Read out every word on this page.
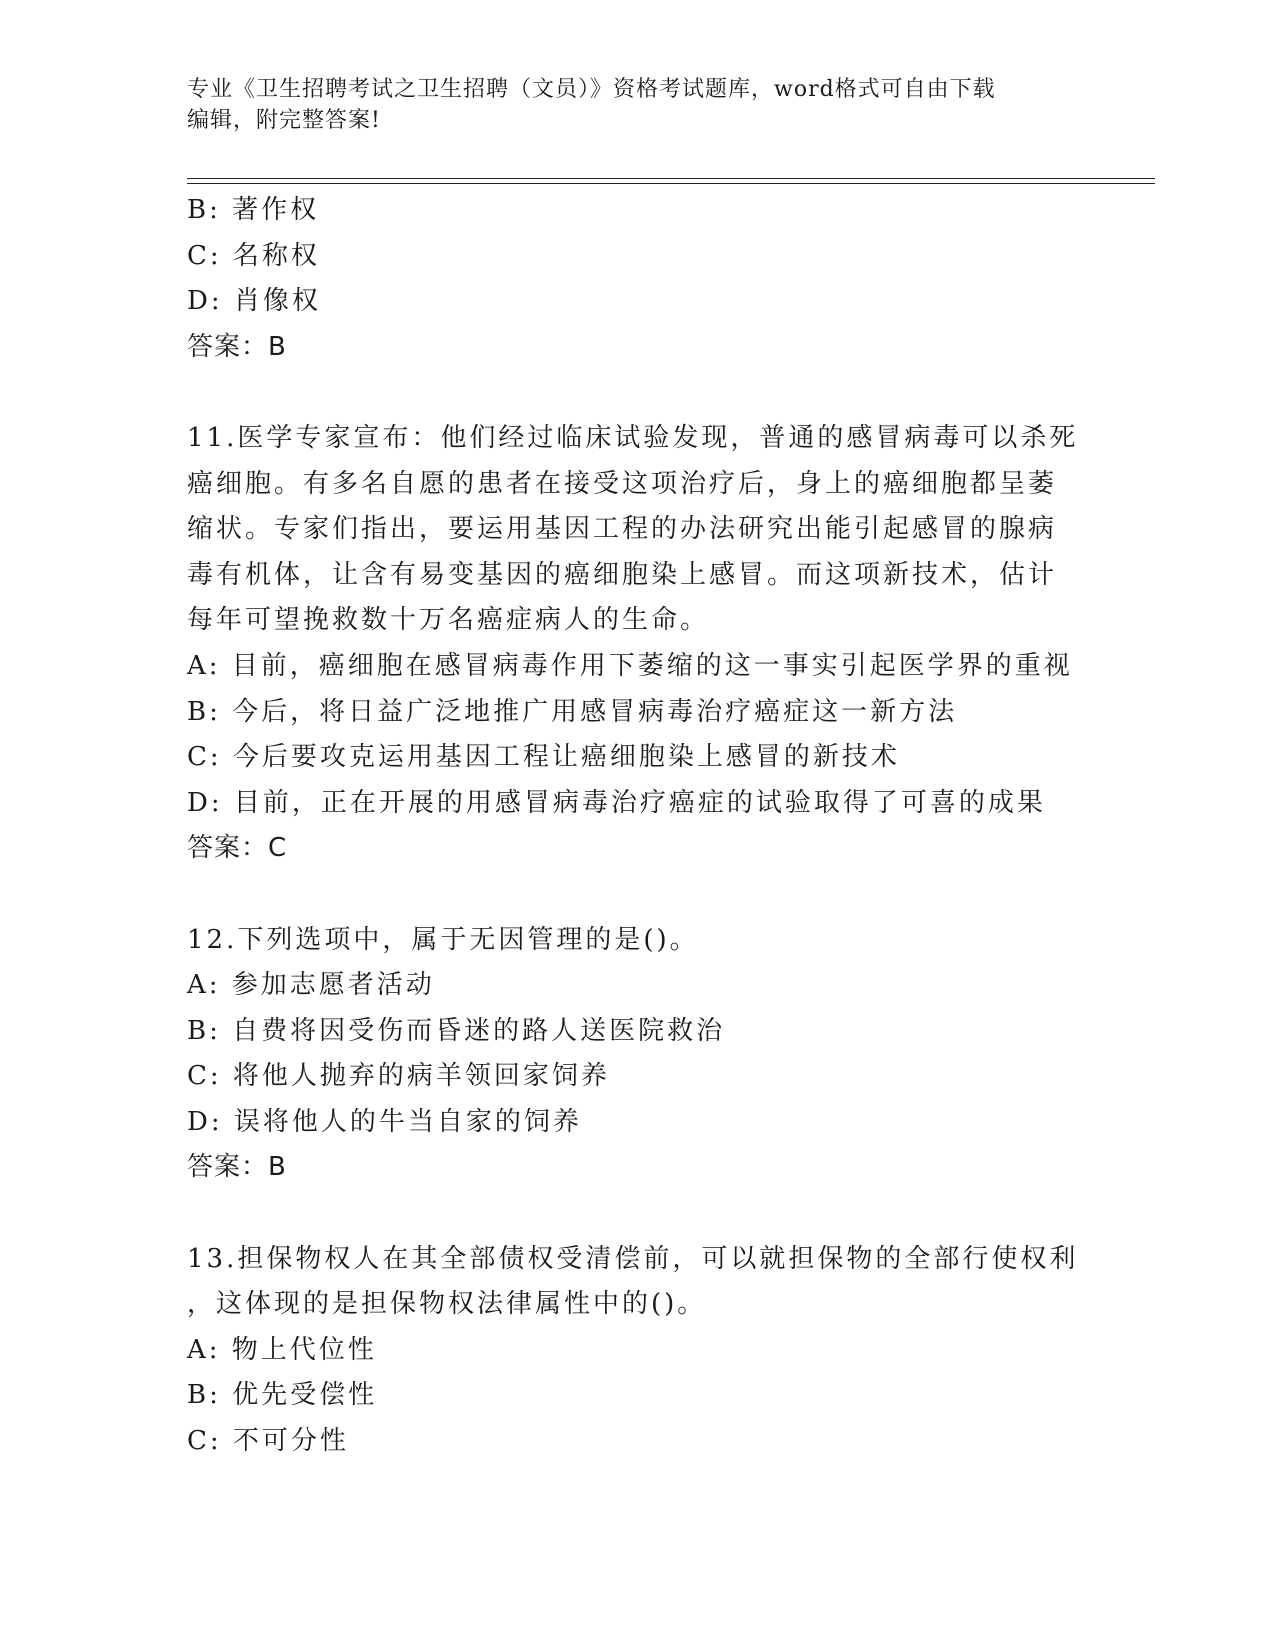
专业《卫生招聘考试之卫生招聘（文员）》资格考试题库，word格式可自由下载
编辑，附完整答案!
B: 著作权
C: 名称权
D: 肖像权
答案：B
11.医学专家宣布：他们经过临床试验发现，普通的感冒病毒可以杀死
癌细胞。有多名自愿的患者在接受这项治疗后，身上的癌细胞都呈萎
缩状。专家们指出，要运用基因工程的办法研究出能引起感冒的腺病
毒有机体，让含有易变基因的癌细胞染上感冒。而这项新技术，估计
每年可望挽救数十万名癌症病人的生命。
A: 目前，癌细胞在感冒病毒作用下萎缩的这一事实引起医学界的重视
B: 今后，将日益广泛地推广用感冒病毒治疗癌症这一新方法
C: 今后要攻克运用基因工程让癌细胞染上感冒的新技术
D: 目前，正在开展的用感冒病毒治疗癌症的试验取得了可喜的成果
答案：C
12.下列选项中，属于无因管理的是()。
A: 参加志愿者活动
B: 自费将因受伤而昏迷的路人送医院救治
C: 将他人抛弃的病羊领回家饲养
D: 误将他人的牛当自家的饲养
答案：B
13.担保物权人在其全部债权受清偿前，可以就担保物的全部行使权利
，这体现的是担保物权法律属性中的()。
A: 物上代位性
B: 优先受偿性
C: 不可分性
